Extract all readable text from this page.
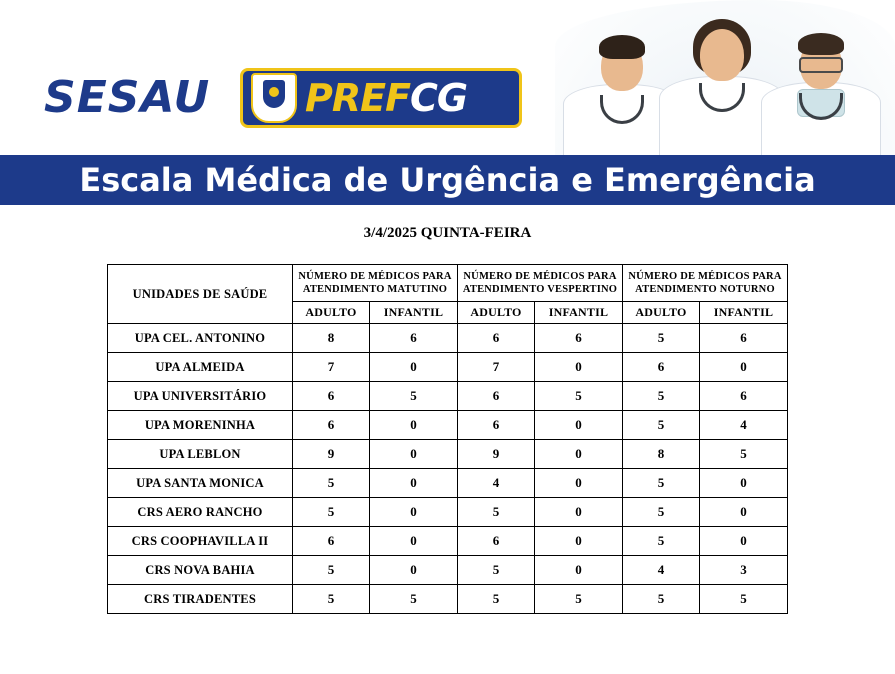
SESAU PREFCG
Escala Médica de Urgência e Emergência
3/4/2025 QUINTA-FEIRA
UNIDADES DE SAÚDE	NÚMERO DE MÉDICOS PARA ATENDIMENTO MATUTINO		NÚMERO DE MÉDICOS PARA ATENDIMENTO VESPERTINO		NÚMERO DE MÉDICOS PARA ATENDIMENTO NOTURNO	
	ADULTO	INFANTIL	ADULTO	INFANTIL	ADULTO	INFANTIL
UPA CEL. ANTONINO	8	6	6	6	5	6
UPA ALMEIDA	7	0	7	0	6	0
UPA UNIVERSITÁRIO	6	5	6	5	5	6
UPA MORENINHA	6	0	6	0	5	4
UPA LEBLON	9	0	9	0	8	5
UPA SANTA MONICA	5	0	4	0	5	0
CRS AERO RANCHO	5	0	5	0	5	0
CRS COOPHAVILLA II	6	0	6	0	5	0
CRS NOVA BAHIA	5	0	5	0	4	3
CRS TIRADENTES	5	5	5	5	5	5
